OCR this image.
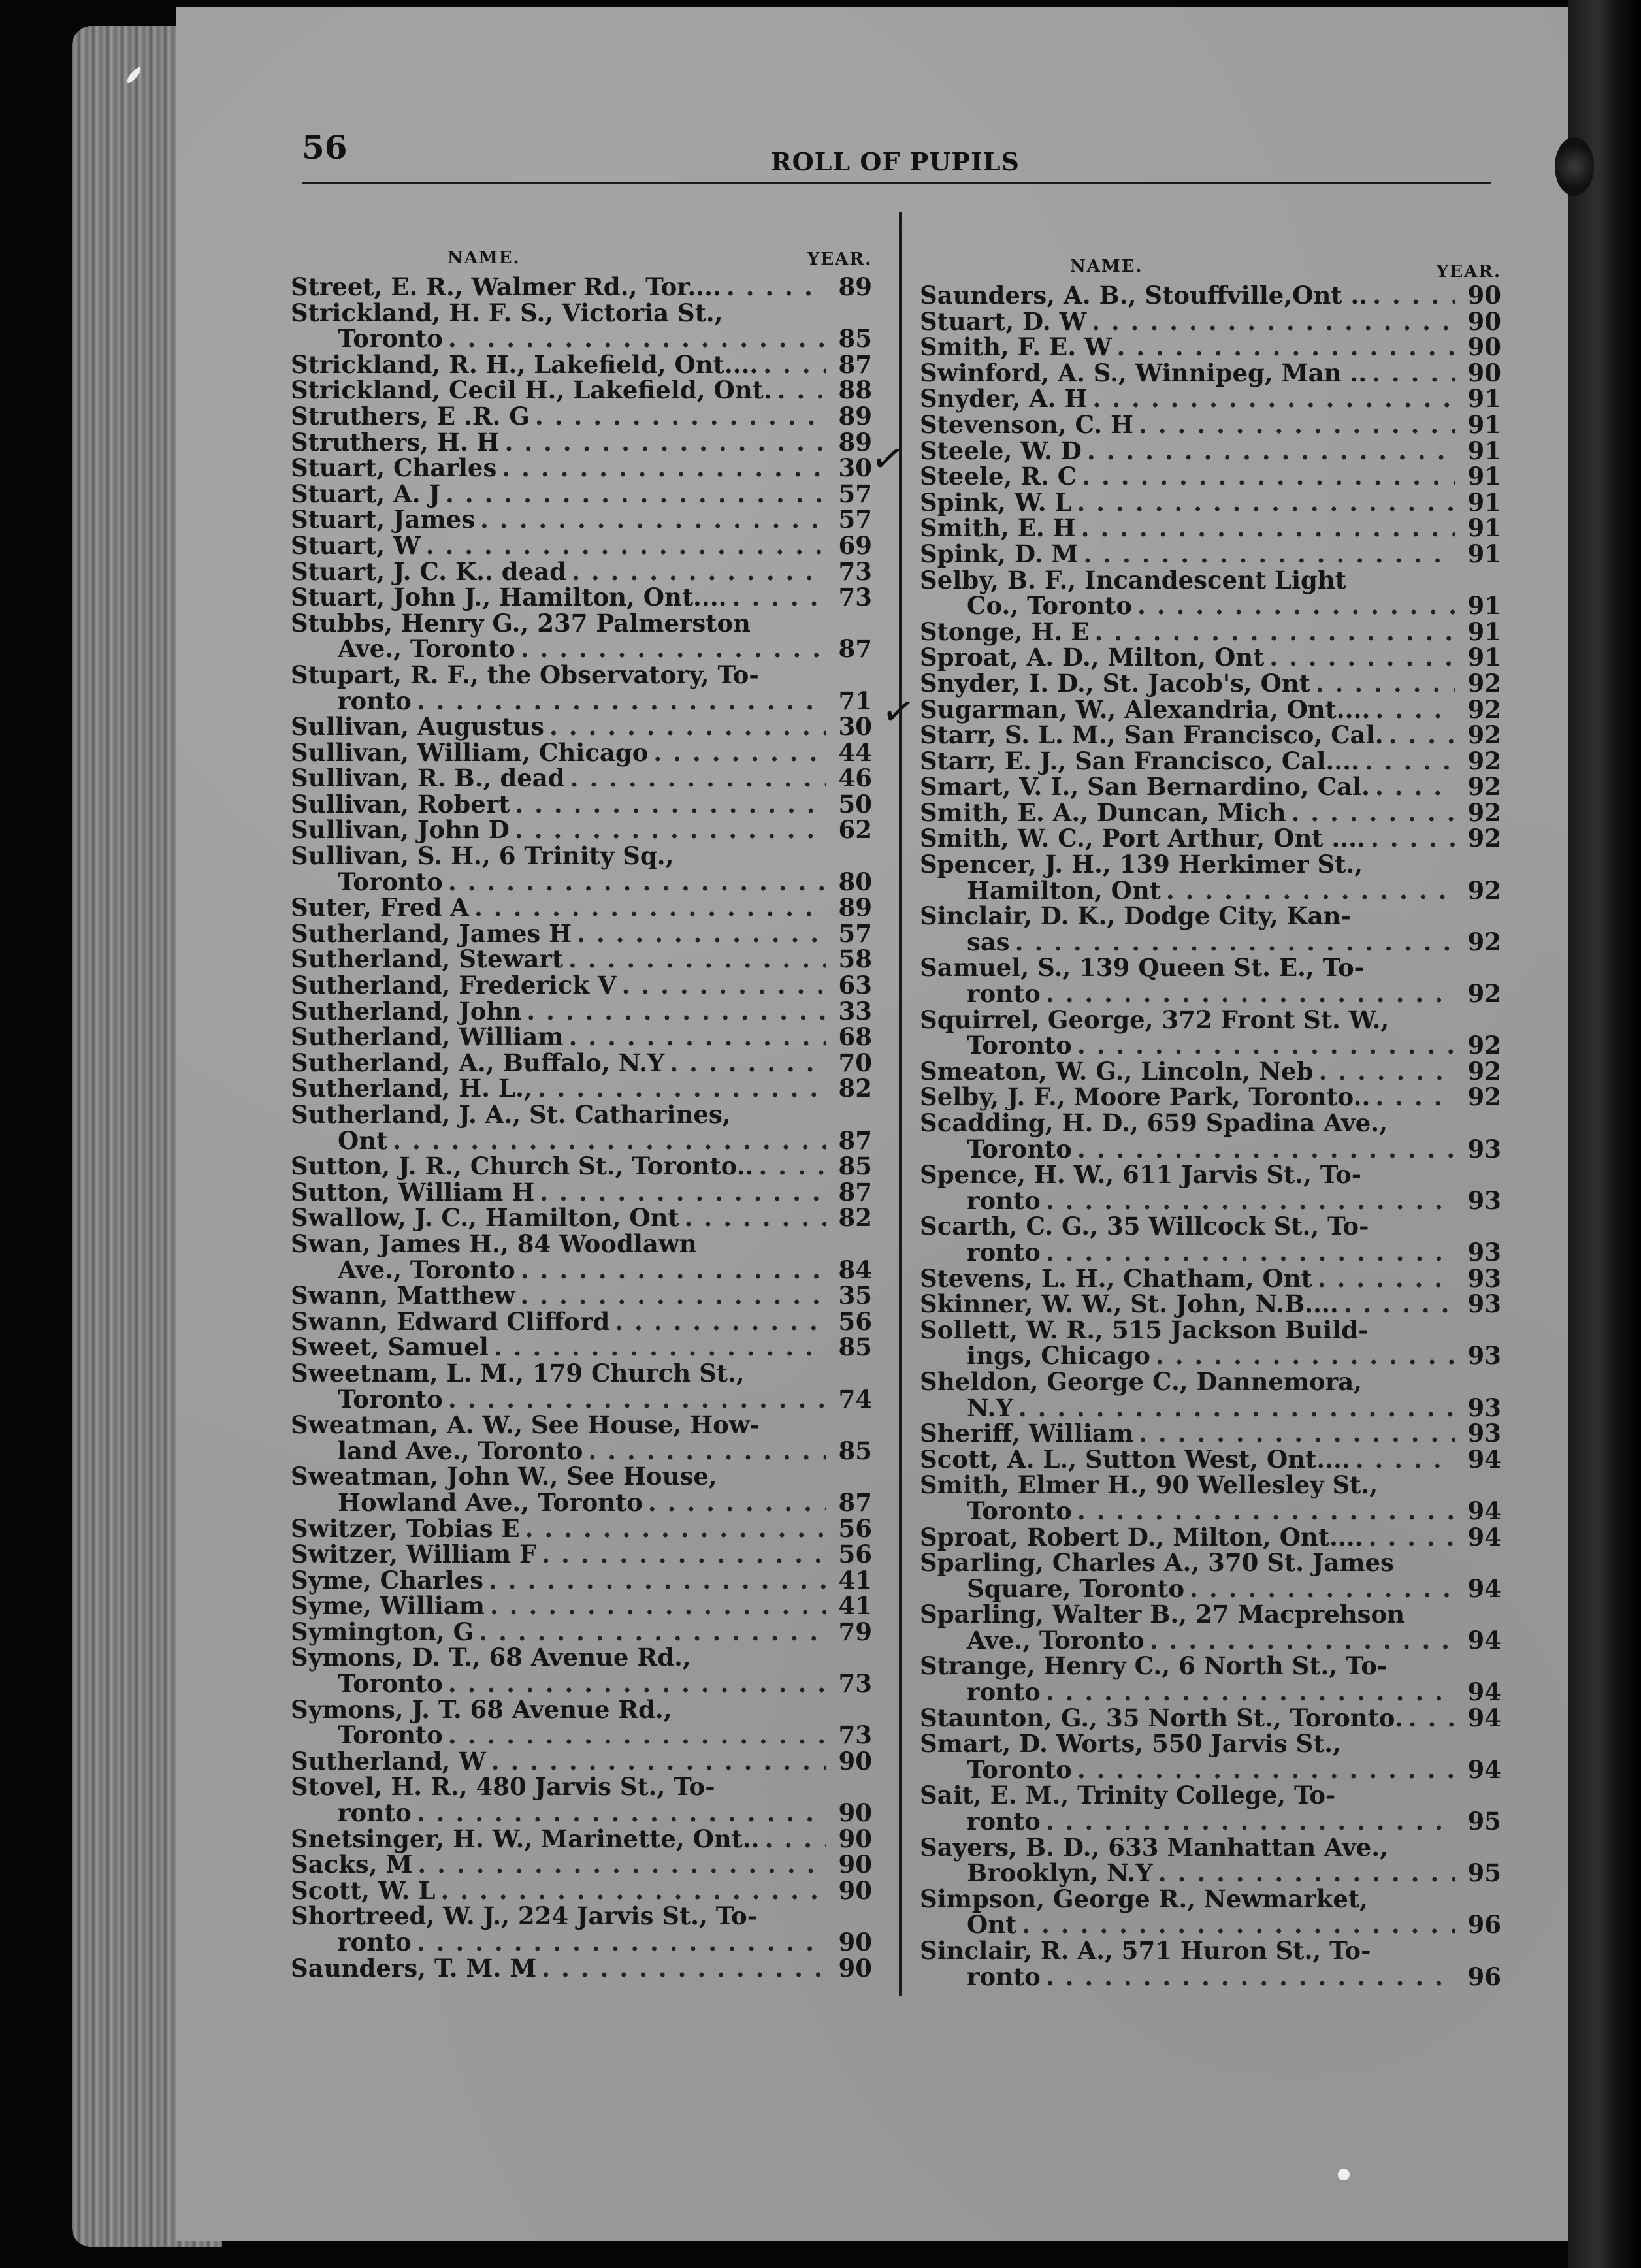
56	ROLL OF PUPILS
NAME.	YEAR.
Street, E. R., Walmer Rd., Tor.... . . .	89
Strickland, H. F. S., Victoria St.,
Toronto . . .	85
Strickland, R. H., Lakefield, Ont.... . . .	87
Strickland, Cecil H., Lakefield, Ont. . . .	88
Struthers, E .R. G . . .	89
Struthers, H. H . . .	89
Stuart, Charles . . .	30
Stuart, A. J . . .	57
Stuart, James . . .	57
Stuart, W . . .	69
Stuart, J. C. K.. dead . . .	73
Stuart, John J., Hamilton, Ont.... . . .	73
Stubbs, Henry G., 237 Palmerston
Ave., Toronto . . .	87
Stupart, R. F., the Observatory, To-
ronto . . .	71
Sullivan, Augustus . . .	30
Sullivan, William, Chicago . . .	44
Sullivan, R. B., dead . . .	46
Sullivan, Robert . . .	50
Sullivan, John D . . .	62
Sullivan, S. H., 6 Trinity Sq.,
Toronto . . .	80
Suter, Fred A . . .	89
Sutherland, James H . . .	57
Sutherland, Stewart . . .	58
Sutherland, Frederick V . . .	63
Sutherland, John . . .	33
Sutherland, William . . .	68
Sutherland, A., Buffalo, N.Y . . .	70
Sutherland, H. L., . . .	82
Sutherland, J. A., St. Catharines,
Ont . . .	87
Sutton, J. R., Church St., Toronto.. . . .	85
Sutton, William H . . .	87
Swallow, J. C., Hamilton, Ont . . .	82
Swan, James H., 84 Woodlawn
Ave., Toronto . . .	84
Swann, Matthew . . .	35
Swann, Edward Clifford . . .	56
Sweet, Samuel . . .	85
Sweetnam, L. M., 179 Church St.,
Toronto . . .	74
Sweatman, A. W., See House, How-
land Ave., Toronto . . .	85
Sweatman, John W., See House,
Howland Ave., Toronto . . .	87
Switzer, Tobias E . . .	56
Switzer, William F . . .	56
Syme, Charles . . .	41
Syme, William . . .	41
Symington, G . . .	79
Symons, D. T., 68 Avenue Rd.,
Toronto . . .	73
Symons, J. T. 68 Avenue Rd.,
Toronto . . .	73
Sutherland, W . . .	90
Stovel, H. R., 480 Jarvis St., To-
ronto . . .	90
Snetsinger, H. W., Marinette, Ont.. . . .	90
Sacks, M . . .	90
Scott, W. L . . .	90
Shortreed, W. J., 224 Jarvis St., To-
ronto . . .	90
Saunders, T. M. M . . .	90
NAME.	YEAR.
Saunders, A. B., Stouffville,Ont .. . . .	90
Stuart, D. W . . .	90
Smith, F. E. W . . .	90
Swinford, A. S., Winnipeg, Man .. . . .	90
Snyder, A. H . . .	91
Stevenson, C. H . . .	91
Steele, W. D . . .	91
Steele, R. C . . .	91
Spink, W. L . . .	91
Smith, E. H . . .	91
Spink, D. M . . .	91
Selby, B. F., Incandescent Light
Co., Toronto . . .	91
Stonge, H. E . . .	91
Sproat, A. D., Milton, Ont . . .	91
Snyder, I. D., St. Jacob's, Ont . . .	92
Sugarman, W., Alexandria, Ont.... . . .	92
Starr, S. L. M., San Francisco, Cal. . . .	92
Starr, E. J., San Francisco, Cal.... . . .	92
Smart, V. I., San Bernardino, Cal. . . .	92
Smith, E. A., Duncan, Mich . . .	92
Smith, W. C., Port Arthur, Ont .... . . .	92
Spencer, J. H., 139 Herkimer St.,
Hamilton, Ont . . .	92
Sinclair, D. K., Dodge City, Kan-
sas . . .	92
Samuel, S., 139 Queen St. E., To-
ronto . . .	92
Squirrel, George, 372 Front St. W.,
Toronto . . .	92
Smeaton, W. G., Lincoln, Neb . . .	92
Selby, J. F., Moore Park, Toronto.. . . .	92
Scadding, H. D., 659 Spadina Ave.,
Toronto . . .	93
Spence, H. W., 611 Jarvis St., To-
ronto . . .	93
Scarth, C. G., 35 Willcock St., To-
ronto . . .	93
Stevens, L. H., Chatham, Ont . . .	93
Skinner, W. W., St. John, N.B.... . . .	93
Sollett, W. R., 515 Jackson Build-
ings, Chicago . . .	93
Sheldon, George C., Dannemora,
N.Y . . .	93
Sheriff, William . . .	93
Scott, A. L., Sutton West, Ont.... . . .	94
Smith, Elmer H., 90 Wellesley St.,
Toronto . . .	94
Sproat, Robert D., Milton, Ont.... . . .	94
Sparling, Charles A., 370 St. James
Square, Toronto . . .	94
Sparling, Walter B., 27 Macprehson
Ave., Toronto . . .	94
Strange, Henry C., 6 North St., To-
ronto . . .	94
Staunton, G., 35 North St., Toronto. . . .	94
Smart, D. Worts, 550 Jarvis St.,
Toronto . . .	94
Sait, E. M., Trinity College, To-
ronto . . .	95
Sayers, B. D., 633 Manhattan Ave.,
Brooklyn, N.Y . . .	95
Simpson, George R., Newmarket,
Ont . . .	96
Sinclair, R. A., 571 Huron St., To-
ronto . . .	96
✓
✓
